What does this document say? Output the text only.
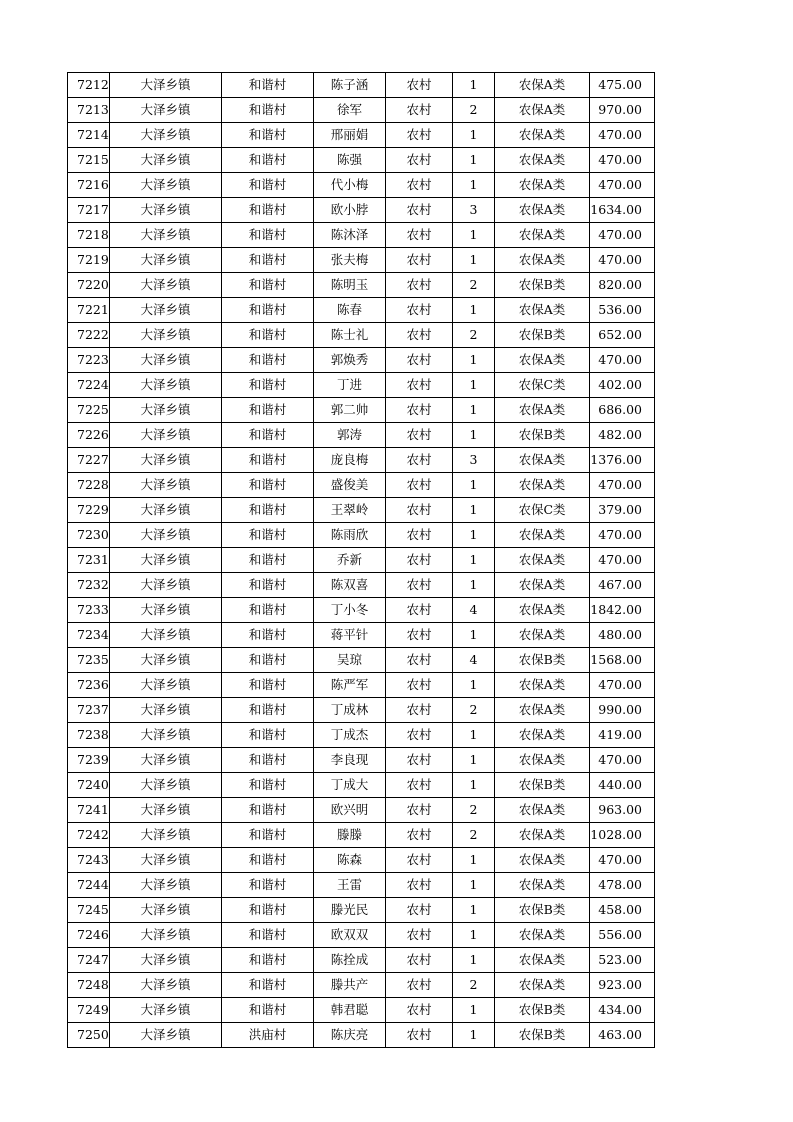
7212	大泽乡镇	和谐村	陈子涵	农村	1	农保A类	475.00
7213	大泽乡镇	和谐村	徐军	农村	2	农保A类	970.00
7214	大泽乡镇	和谐村	邢丽娟	农村	1	农保A类	470.00
7215	大泽乡镇	和谐村	陈强	农村	1	农保A类	470.00
7216	大泽乡镇	和谐村	代小梅	农村	1	农保A类	470.00
7217	大泽乡镇	和谐村	欧小脖	农村	3	农保A类	1634.00
7218	大泽乡镇	和谐村	陈沐泽	农村	1	农保A类	470.00
7219	大泽乡镇	和谐村	张夫梅	农村	1	农保A类	470.00
7220	大泽乡镇	和谐村	陈明玉	农村	2	农保B类	820.00
7221	大泽乡镇	和谐村	陈春	农村	1	农保A类	536.00
7222	大泽乡镇	和谐村	陈士礼	农村	2	农保B类	652.00
7223	大泽乡镇	和谐村	郭焕秀	农村	1	农保A类	470.00
7224	大泽乡镇	和谐村	丁进	农村	1	农保C类	402.00
7225	大泽乡镇	和谐村	郭二帅	农村	1	农保A类	686.00
7226	大泽乡镇	和谐村	郭涛	农村	1	农保B类	482.00
7227	大泽乡镇	和谐村	庞良梅	农村	3	农保A类	1376.00
7228	大泽乡镇	和谐村	盛俊美	农村	1	农保A类	470.00
7229	大泽乡镇	和谐村	王翠岭	农村	1	农保C类	379.00
7230	大泽乡镇	和谐村	陈雨欣	农村	1	农保A类	470.00
7231	大泽乡镇	和谐村	乔新	农村	1	农保A类	470.00
7232	大泽乡镇	和谐村	陈双喜	农村	1	农保A类	467.00
7233	大泽乡镇	和谐村	丁小冬	农村	4	农保A类	1842.00
7234	大泽乡镇	和谐村	蒋平针	农村	1	农保A类	480.00
7235	大泽乡镇	和谐村	吴琼	农村	4	农保B类	1568.00
7236	大泽乡镇	和谐村	陈严军	农村	1	农保A类	470.00
7237	大泽乡镇	和谐村	丁成林	农村	2	农保A类	990.00
7238	大泽乡镇	和谐村	丁成杰	农村	1	农保A类	419.00
7239	大泽乡镇	和谐村	李良现	农村	1	农保A类	470.00
7240	大泽乡镇	和谐村	丁成大	农村	1	农保B类	440.00
7241	大泽乡镇	和谐村	欧兴明	农村	2	农保A类	963.00
7242	大泽乡镇	和谐村	滕滕	农村	2	农保A类	1028.00
7243	大泽乡镇	和谐村	陈森	农村	1	农保A类	470.00
7244	大泽乡镇	和谐村	王雷	农村	1	农保A类	478.00
7245	大泽乡镇	和谐村	滕光民	农村	1	农保B类	458.00
7246	大泽乡镇	和谐村	欧双双	农村	1	农保A类	556.00
7247	大泽乡镇	和谐村	陈拴成	农村	1	农保A类	523.00
7248	大泽乡镇	和谐村	滕共产	农村	2	农保A类	923.00
7249	大泽乡镇	和谐村	韩君聪	农村	1	农保B类	434.00
7250	大泽乡镇	洪庙村	陈庆亮	农村	1	农保B类	463.00
